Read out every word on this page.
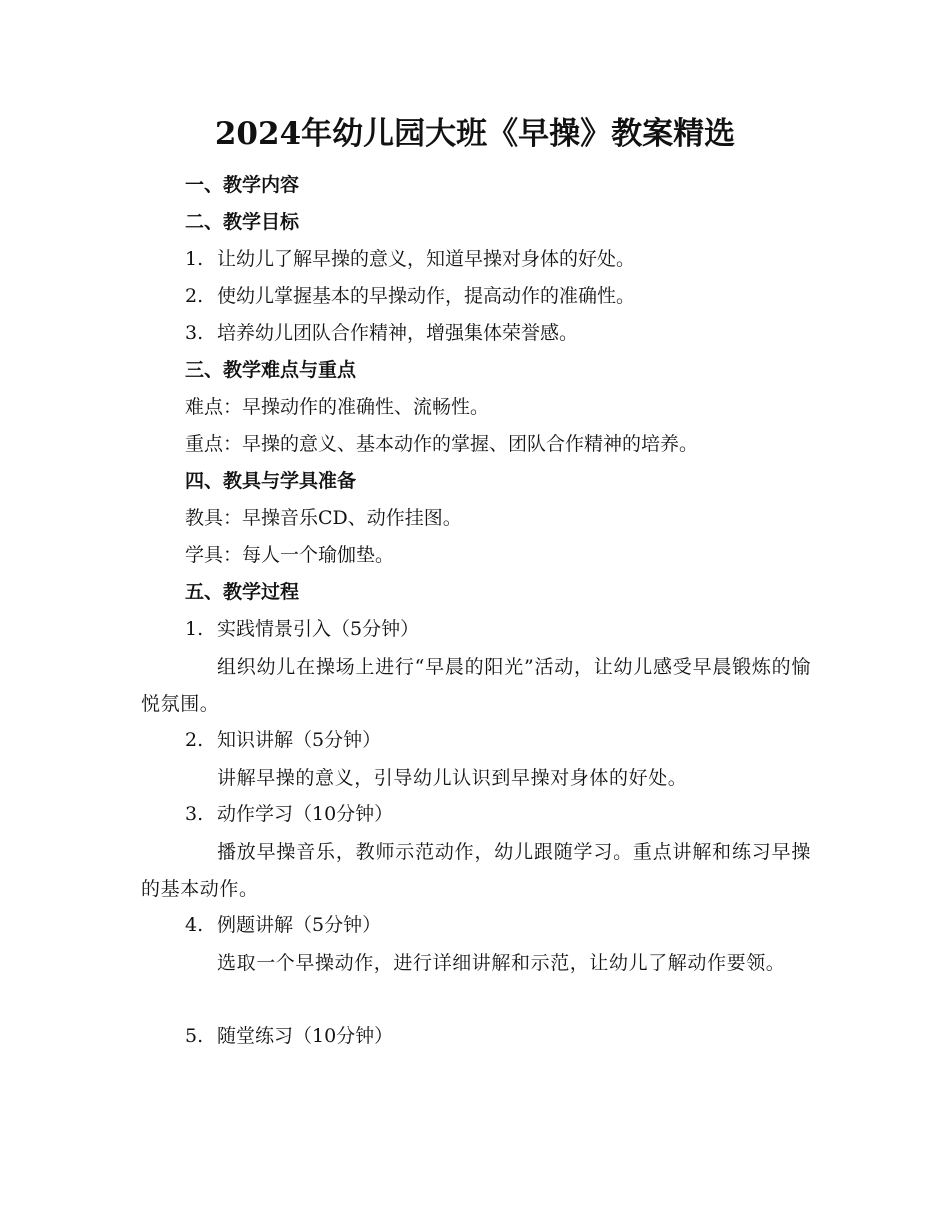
2024年幼儿园大班《早操》教案精选
一、教学内容
二、教学目标
1. 让幼儿了解早操的意义，知道早操对身体的好处。
2. 使幼儿掌握基本的早操动作，提高动作的准确性。
3. 培养幼儿团队合作精神，增强集体荣誉感。
三、教学难点与重点
难点：早操动作的准确性、流畅性。
重点：早操的意义、基本动作的掌握、团队合作精神的培养。
四、教具与学具准备
教具：早操音乐CD、动作挂图。
学具：每人一个瑜伽垫。
五、教学过程
1. 实践情景引入（5分钟）
组织幼儿在操场上进行“早晨的阳光”活动，让幼儿感受早晨锻炼的愉悦氛围。
2. 知识讲解（5分钟）
讲解早操的意义，引导幼儿认识到早操对身体的好处。
3. 动作学习（10分钟）
播放早操音乐，教师示范动作，幼儿跟随学习。重点讲解和练习早操的基本动作。
4. 例题讲解（5分钟）
选取一个早操动作，进行详细讲解和示范，让幼儿了解动作要领。
5. 随堂练习（10分钟）
